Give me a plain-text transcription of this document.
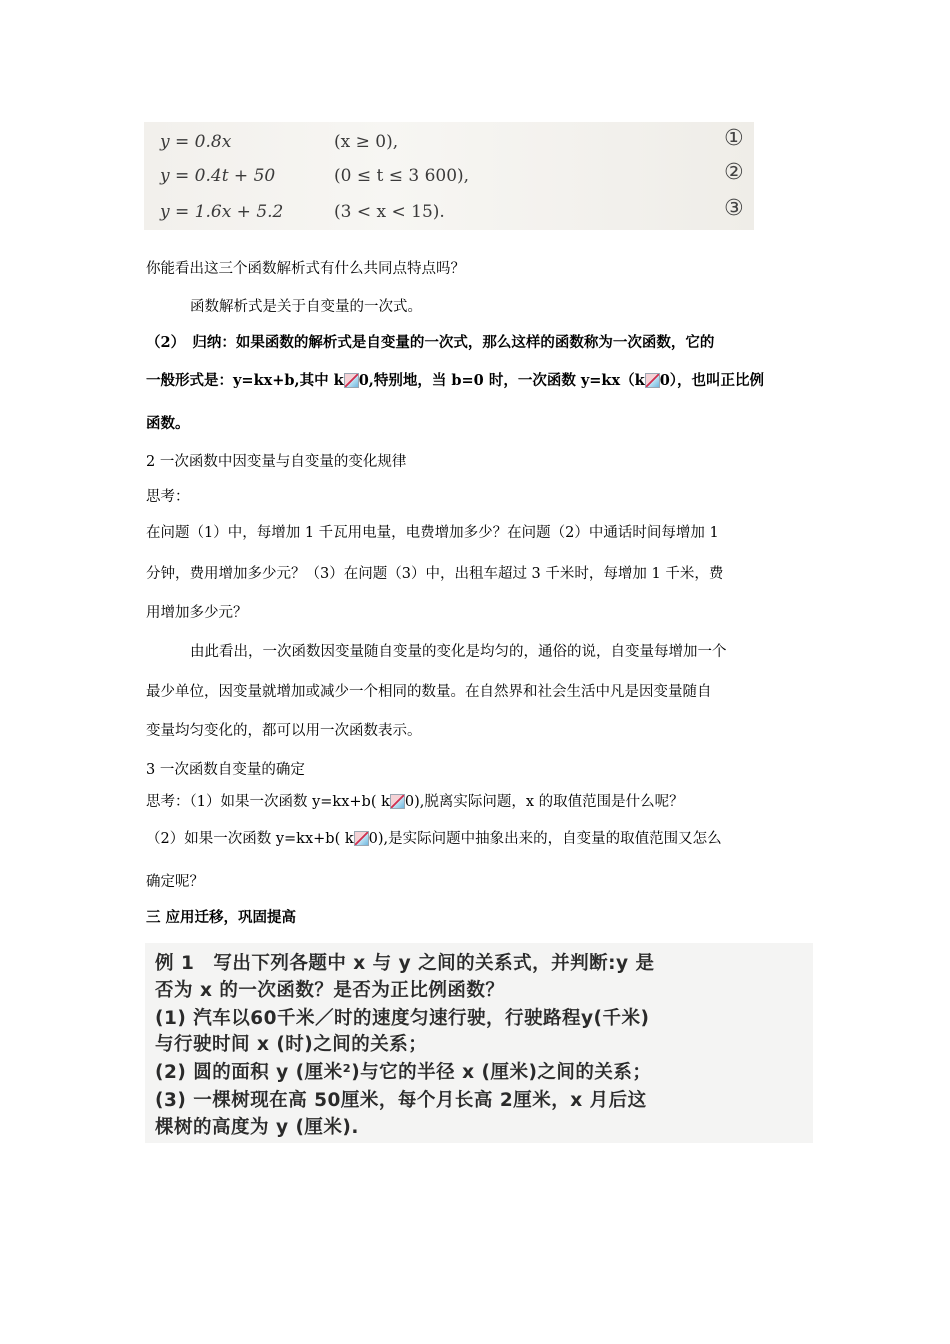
y = 0.8x	(x ≥ 0),	①
y = 0.4t + 50	(0 ≤ t ≤ 3 600),	②
y = 1.6x + 5.2	(3 < x < 15).	③
你能看出这三个函数解析式有什么共同点特点吗？
函数解析式是关于自变量的一次式。
（2）　归纳：如果函数的解析式是自变量的一次式，那么这样的函数称为一次函数，它的
一般形式是：y=kx+b,其中 k 0,特别地，当 b=0 时，一次函数 y=kx（k 0），也叫正比例
函数。
2 一次函数中因变量与自变量的变化规律
思考：
在问题（1）中，每增加 1 千瓦用电量，电费增加多少？在问题（2）中通话时间每增加 1
分钟，费用增加多少元？（3）在问题（3）中，出租车超过 3 千米时，每增加 1 千米，费
用增加多少元？
由此看出，一次函数因变量随自变量的变化是均匀的，通俗的说，自变量每增加一个
最少单位，因变量就增加或减少一个相同的数量。在自然界和社会生活中凡是因变量随自
变量均匀变化的，都可以用一次函数表示。
3 一次函数自变量的确定
思考：（1）如果一次函数 y=kx+b( k 0),脱离实际问题，x 的取值范围是什么呢？
（2）如果一次函数 y=kx+b( k 0),是实际问题中抽象出来的，自变量的取值范围又怎么
确定呢？
三 应用迁移，巩固提高
例 1　写出下列各题中 x 与 y 之间的关系式，并判断:y 是
否为 x 的一次函数？是否为正比例函数？
(1) 汽车以60千米／时的速度匀速行驶，行驶路程y(千米)
与行驶时间 x (时)之间的关系；
(2) 圆的面积 y (厘米²)与它的半径 x (厘米)之间的关系；
(3) 一棵树现在高 50厘米，每个月长高 2厘米，x 月后这
棵树的高度为 y (厘米).
